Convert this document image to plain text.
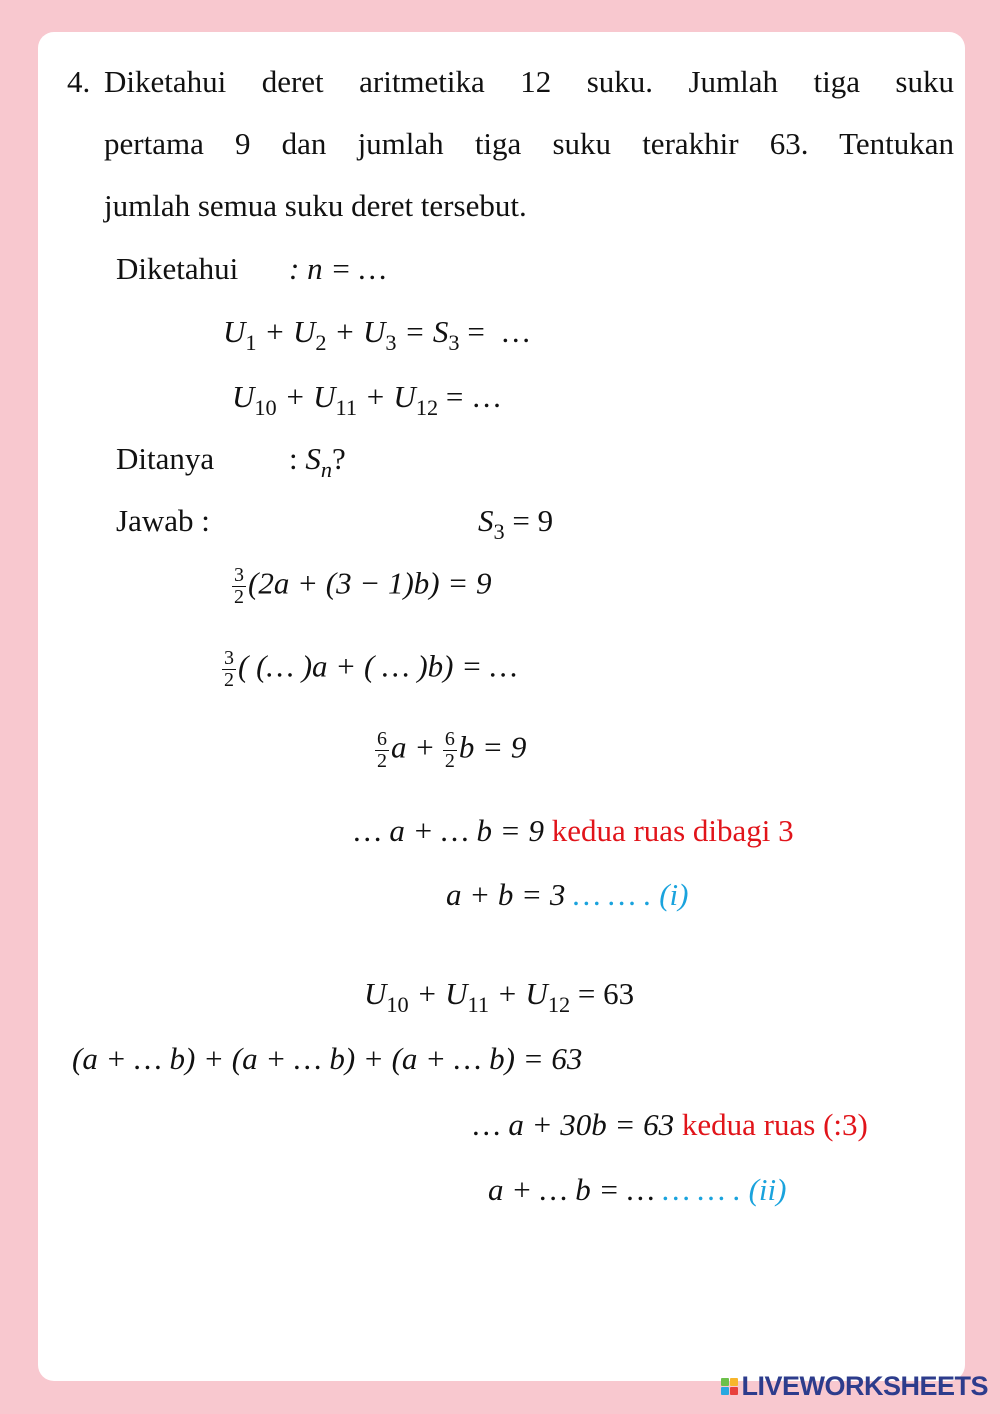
4. Diketahui deret aritmetika 12 suku. Jumlah tiga suku
pertama 9 dan jumlah tiga suku terakhir 63. Tentukan
jumlah semua suku deret tersebut.
Diketahui : n = …
$U_1 + U_2 + U_3 = S_3$ =  …
$U_{10} + U_{11} + U_{12}$ = …
Ditanya : $S_n$?
Jawab :	$S_3 = 9$
$\frac{3}{2} (2a + (3 - 1)b) = 9$
$\frac{3}{2}$ ( (… )a + ( … )b) = …
$\frac{6}{2}$ $a + \frac{6}{2}$ b = 9
… a + … b = 9 kedua ruas dibagi 3
a + b = 3 … … . (i)
$U_{10} + U_{11} + U_{12} = 63$
(a + … b) + (a + … b) + (a + … b) = 63
… a + 30b = 63 kedua ruas (:3)
a + … b = … … … . (ii)
LIVEWORKSHEETS
